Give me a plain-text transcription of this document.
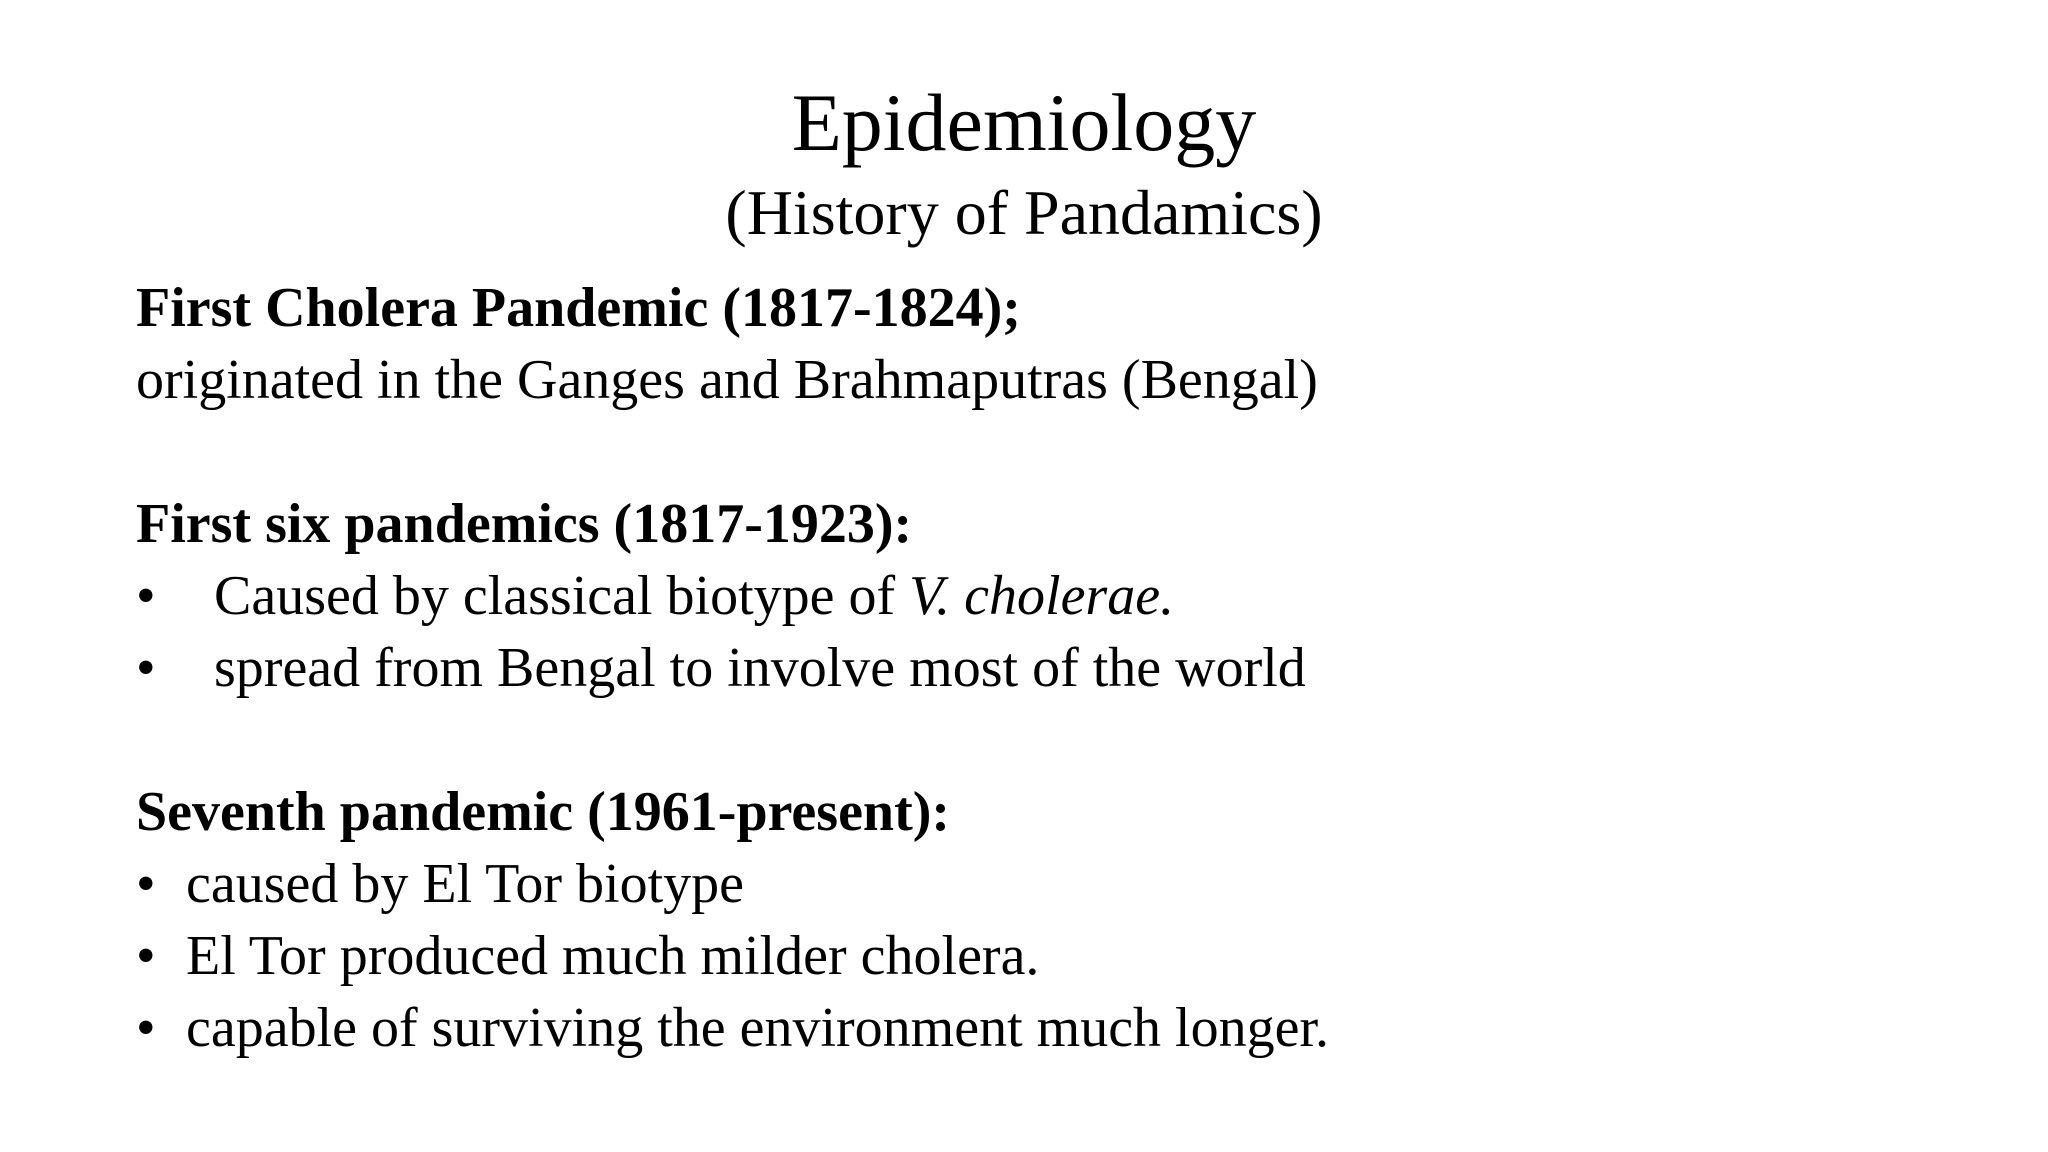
Epidemiology
(History of Pandamics)
First Cholera Pandemic (1817-1824);
originated in the Ganges and Brahmaputras (Bengal)
First six pandemics (1817-1923):
•	Caused by classical biotype of V. cholerae.
•	spread from Bengal to involve most of the world
Seventh pandemic (1961-present):
• caused by El Tor biotype
• El Tor produced much milder cholera.
• capable of surviving the environment much longer.
